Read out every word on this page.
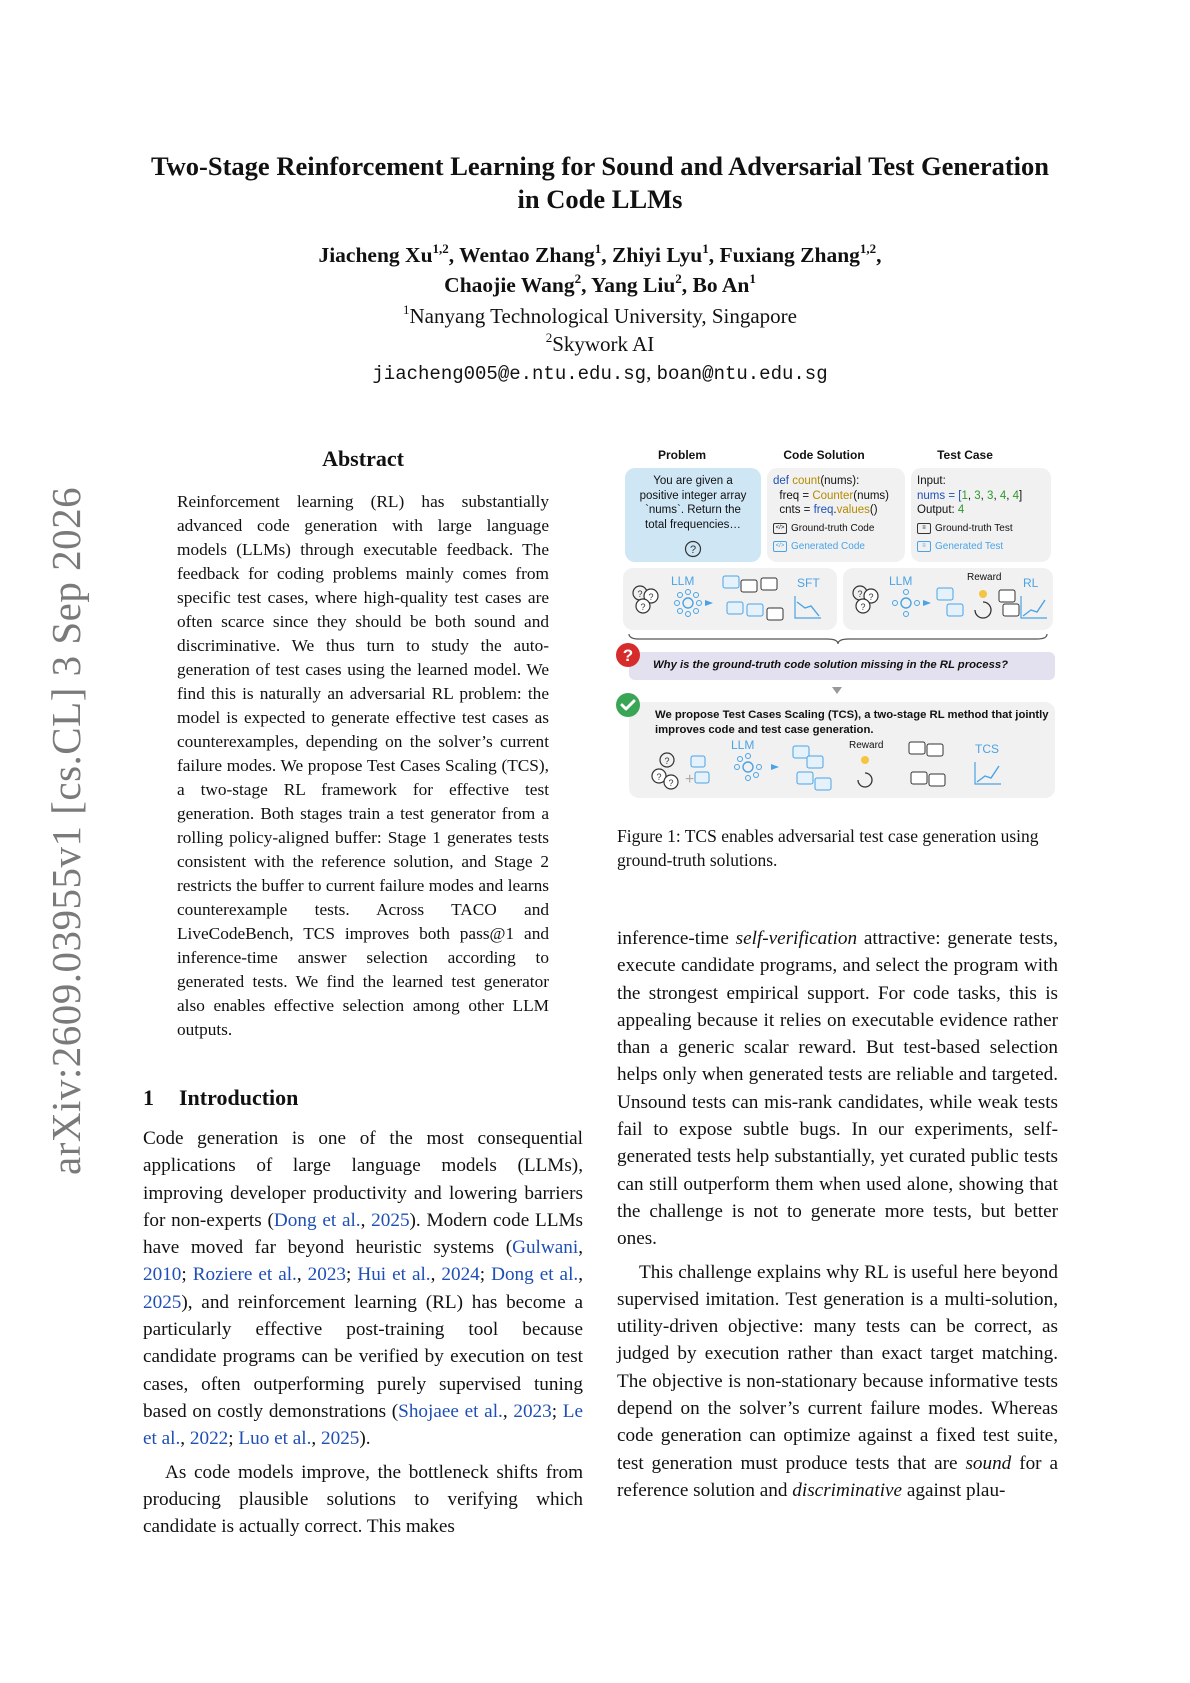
arXiv:2609.03955v1 [cs.CL] 3 Sep 2026
Two-Stage Reinforcement Learning for Sound and Adversarial Test Generation in Code LLMs
Jiacheng Xu$^{1,2}$, Wentao Zhang$^1$, Zhiyi Lyu$^1$, Fuxiang Zhang$^{1,2}$,
Chaojie Wang$^2$, Yang Liu$^2$, Bo An$^1$
$^1$Nanyang Technological University, Singapore
$^2$Skywork AI
jiacheng005@e.ntu.edu.sg, boan@ntu.edu.sg
Abstract

Reinforcement learning (RL) has substantially advanced code generation with large language models (LLMs) through executable feedback. The feedback for coding problems mainly comes from specific test cases, where high-quality test cases are often scarce since they should be both sound and discriminative. We thus turn to study the auto-generation of test cases using the learned model. We find this is naturally an adversarial RL problem: the model is expected to generate effective test cases as counterexamples, depending on the solver’s current failure modes. We propose Test Cases Scaling (TCS), a two-stage RL framework for effective test generation. Both stages train a test generator from a rolling policy-aligned buffer: Stage 1 generates tests consistent with the reference solution, and Stage 2 restricts the buffer to current failure modes and learns counterexample tests. Across TACO and LiveCodeBench, TCS improves both pass@1 and inference-time answer selection according to generated tests. We find the learned test generator also enables effective selection among other LLM outputs.

1 Introduction

Code generation is one of the most consequential applications of large language models (LLMs), improving developer productivity and lowering barriers for non-experts (Dong et al., 2025). Modern code LLMs have moved far beyond heuristic systems (Gulwani, 2010; Roziere et al., 2023; Hui et al., 2024; Dong et al., 2025), and reinforcement learning (RL) has become a particularly effective post-training tool because candidate programs can be verified by execution on test cases, often outperforming purely supervised tuning based on costly demonstrations (Shojaee et al., 2023; Le et al., 2022; Luo et al., 2025).

As code models improve, the bottleneck shifts from producing plausible solutions to verifying which candidate is actually correct. This makes

inference-time self-verification attractive: generate tests, execute candidate programs, and select the program with the strongest empirical support. For code tasks, this is appealing because it relies on executable evidence rather than a generic scalar reward. But test-based selection helps only when generated tests are reliable and targeted. Unsound tests can mis-rank candidates, while weak tests fail to expose subtle bugs. In our experiments, self-generated tests help substantially, yet curated public tests can still outperform them when used alone, showing that the challenge is not to generate more tests, but better ones.

This challenge explains why RL is useful here beyond supervised imitation. Test generation is a multi-solution, utility-driven objective: many tests can be correct, as judged by execution rather than exact target matching. The objective is non-stationary because informative tests depend on the solver’s current failure modes. Whereas code generation can optimize against a fixed test suite, test generation must produce tests that are sound for a reference solution and discriminative against plau-

Problem	Code Solution	Test Case
You are given a positive integer array `nums`. Return the total frequencies…
?
def count(nums):
freq = Counter(nums)
cnts = freq.values()
</> Ground-truth Code
</> Generated Code
Input:
nums = [1, 3, 3, 4, 4]
Output: 4
≡ Ground-truth Test
≡ Generated Test
? ?
?
LLM	SFT
? ?
?
LLM	Reward RL
Why is the ground-truth code solution missing in the RL process?
?
We propose Test Cases Scaling (TCS), a two-stage RL method that jointly improves code and test case generation.
?
?
? +
LLM	Reward	TCS
Figure 1: TCS enables adversarial test case generation using ground-truth solutions.
